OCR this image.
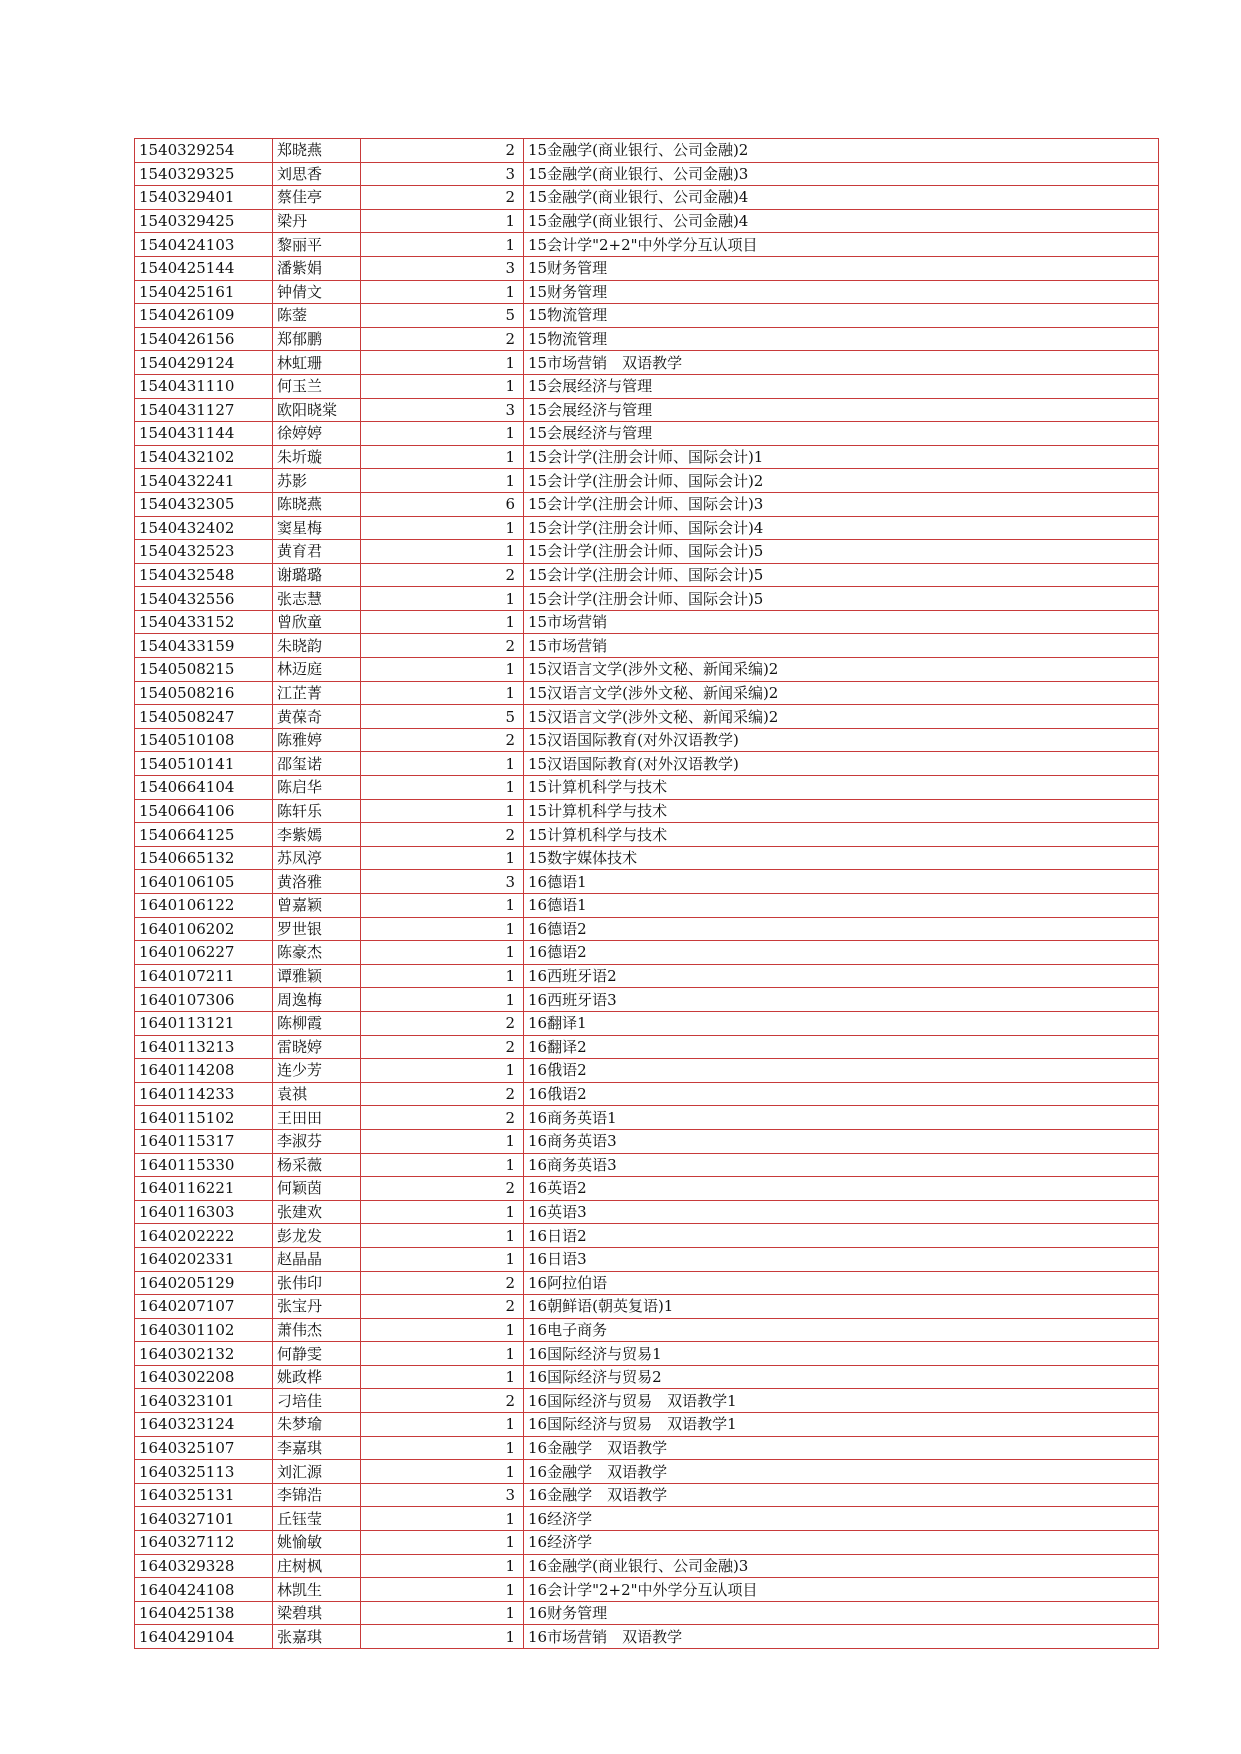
1540329254	郑晓燕	2	15金融学(商业银行、公司金融)2
1540329325	刘思香	3	15金融学(商业银行、公司金融)3
1540329401	蔡佳亭	2	15金融学(商业银行、公司金融)4
1540329425	梁丹	1	15金融学(商业银行、公司金融)4
1540424103	黎丽平	1	15会计学"2+2"中外学分互认项目
1540425144	潘紫娟	3	15财务管理
1540425161	钟倩文	1	15财务管理
1540426109	陈蓥	5	15物流管理
1540426156	郑郁鹏	2	15物流管理
1540429124	林虹珊	1	15市场营销　双语教学
1540431110	何玉兰	1	15会展经济与管理
1540431127	欧阳晓棠	3	15会展经济与管理
1540431144	徐婷婷	1	15会展经济与管理
1540432102	朱圻璇	1	15会计学(注册会计师、国际会计)1
1540432241	苏影	1	15会计学(注册会计师、国际会计)2
1540432305	陈晓燕	6	15会计学(注册会计师、国际会计)3
1540432402	窦星梅	1	15会计学(注册会计师、国际会计)4
1540432523	黄育君	1	15会计学(注册会计师、国际会计)5
1540432548	谢璐璐	2	15会计学(注册会计师、国际会计)5
1540432556	张志慧	1	15会计学(注册会计师、国际会计)5
1540433152	曾欣童	1	15市场营销
1540433159	朱晓韵	2	15市场营销
1540508215	林迈庭	1	15汉语言文学(涉外文秘、新闻采编)2
1540508216	江芷菁	1	15汉语言文学(涉外文秘、新闻采编)2
1540508247	黄葆奇	5	15汉语言文学(涉外文秘、新闻采编)2
1540510108	陈雅婷	2	15汉语国际教育(对外汉语教学)
1540510141	邵玺诺	1	15汉语国际教育(对外汉语教学)
1540664104	陈启华	1	15计算机科学与技术
1540664106	陈轩乐	1	15计算机科学与技术
1540664125	李紫嫣	2	15计算机科学与技术
1540665132	苏凤渟	1	15数字媒体技术
1640106105	黄洛雅	3	16德语1
1640106122	曾嘉颖	1	16德语1
1640106202	罗世银	1	16德语2
1640106227	陈豪杰	1	16德语2
1640107211	谭雅颖	1	16西班牙语2
1640107306	周逸梅	1	16西班牙语3
1640113121	陈柳霞	2	16翻译1
1640113213	雷晓婷	2	16翻译2
1640114208	连少芳	1	16俄语2
1640114233	袁祺	2	16俄语2
1640115102	王田田	2	16商务英语1
1640115317	李淑芬	1	16商务英语3
1640115330	杨采薇	1	16商务英语3
1640116221	何颖茵	2	16英语2
1640116303	张建欢	1	16英语3
1640202222	彭龙发	1	16日语2
1640202331	赵晶晶	1	16日语3
1640205129	张伟印	2	16阿拉伯语
1640207107	张宝丹	2	16朝鲜语(朝英复语)1
1640301102	萧伟杰	1	16电子商务
1640302132	何静雯	1	16国际经济与贸易1
1640302208	姚政桦	1	16国际经济与贸易2
1640323101	刁培佳	2	16国际经济与贸易　双语教学1
1640323124	朱梦瑜	1	16国际经济与贸易　双语教学1
1640325107	李嘉琪	1	16金融学　双语教学
1640325113	刘汇源	1	16金融学　双语教学
1640325131	李锦浩	3	16金融学　双语教学
1640327101	丘钰莹	1	16经济学
1640327112	姚愉敏	1	16经济学
1640329328	庄树枫	1	16金融学(商业银行、公司金融)3
1640424108	林凯生	1	16会计学"2+2"中外学分互认项目
1640425138	梁碧琪	1	16财务管理
1640429104	张嘉琪	1	16市场营销　双语教学
